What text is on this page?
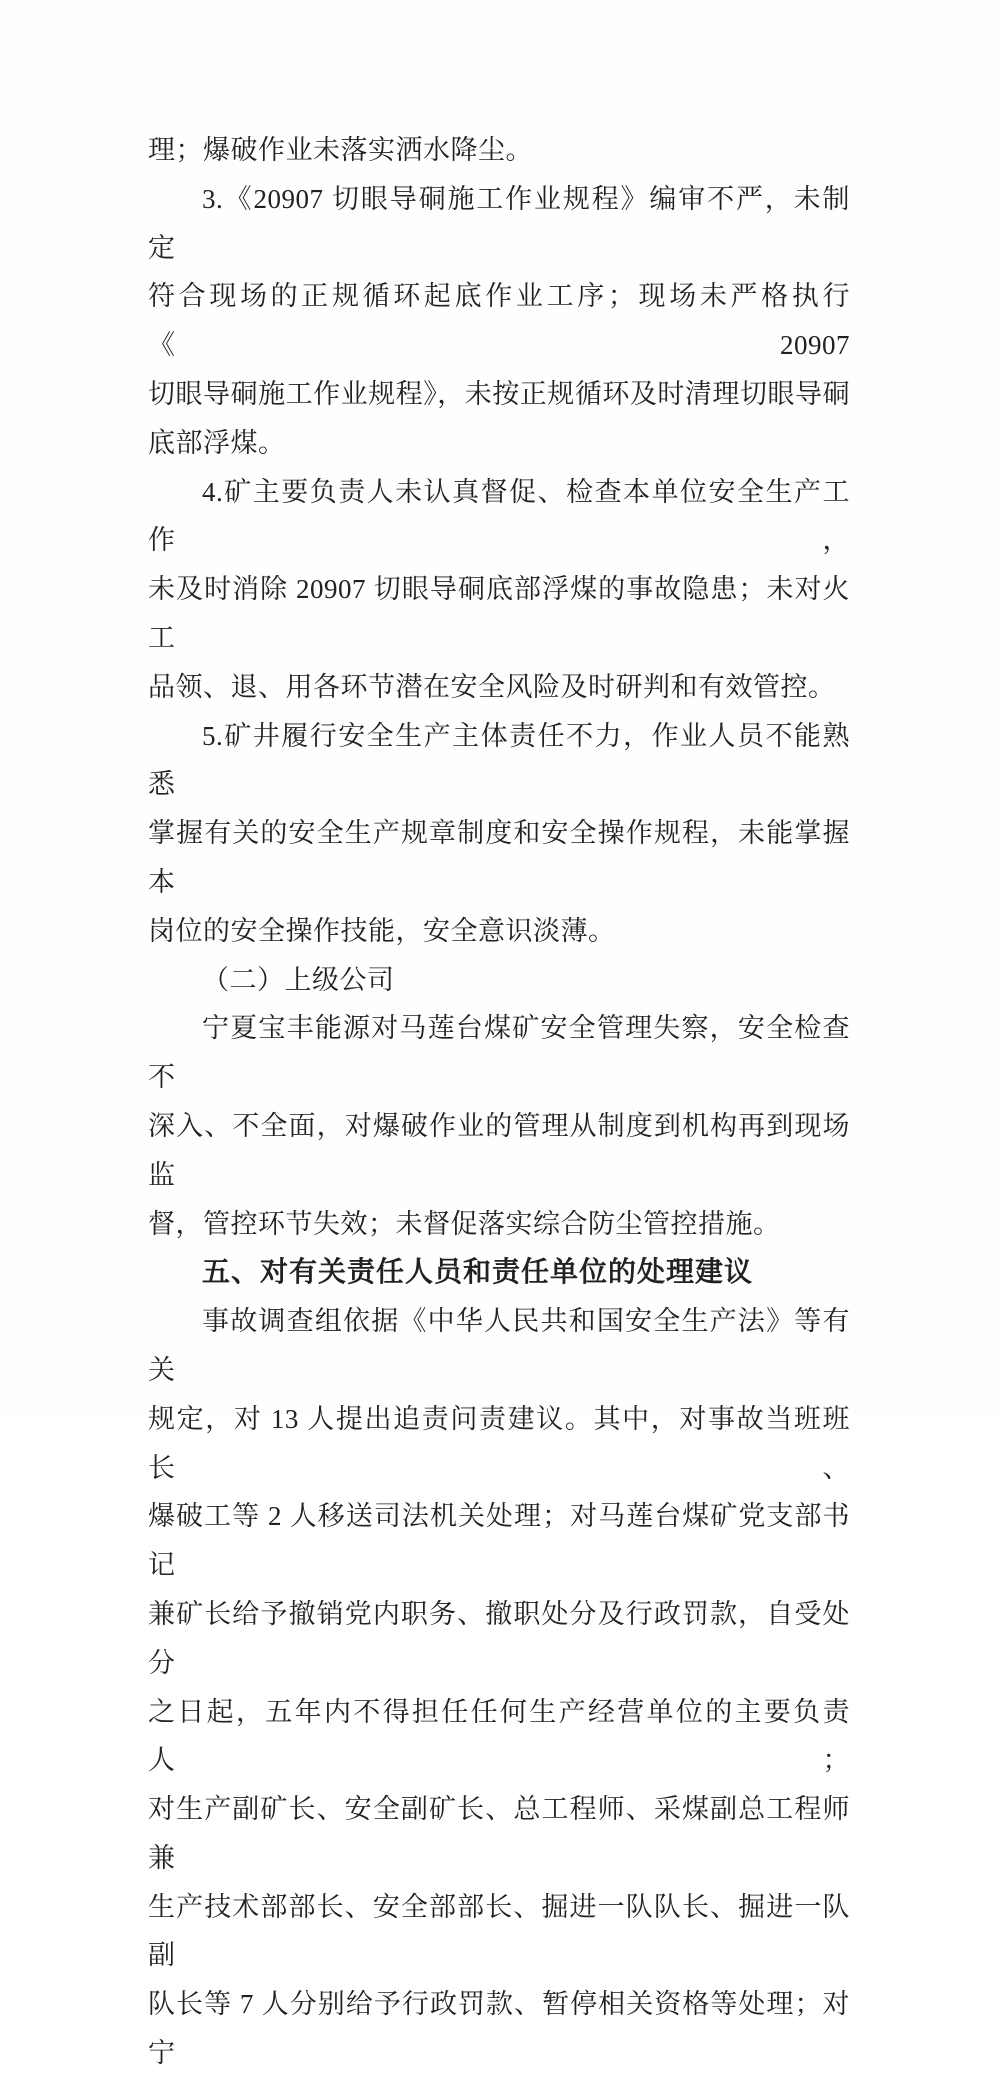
理；爆破作业未落实洒水降尘。
3.《20907 切眼导硐施工作业规程》编审不严，未制定
符合现场的正规循环起底作业工序；现场未严格执行《20907
切眼导硐施工作业规程》，未按正规循环及时清理切眼导硐
底部浮煤。
4.矿主要负责人未认真督促、检查本单位安全生产工作，
未及时消除 20907 切眼导硐底部浮煤的事故隐患；未对火工
品领、退、用各环节潜在安全风险及时研判和有效管控。
5.矿井履行安全生产主体责任不力，作业人员不能熟悉
掌握有关的安全生产规章制度和安全操作规程，未能掌握本
岗位的安全操作技能，安全意识淡薄。
（二）上级公司
宁夏宝丰能源对马莲台煤矿安全管理失察，安全检查不
深入、不全面，对爆破作业的管理从制度到机构再到现场监
督，管控环节失效；未督促落实综合防尘管控措施。
五、对有关责任人员和责任单位的处理建议
事故调查组依据《中华人民共和国安全生产法》等有关
规定，对 13 人提出追责问责建议。其中，对事故当班班长、
爆破工等 2 人移送司法机关处理；对马莲台煤矿党支部书记
兼矿长给予撤销党内职务、撤职处分及行政罚款，自受处分
之日起，五年内不得担任任何生产经营单位的主要负责人；
对生产副矿长、安全副矿长、总工程师、采煤副总工程师兼
生产技术部部长、安全部部长、掘进一队队长、掘进一队副
队长等 7 人分别给予行政罚款、暂停相关资格等处理；对宁
